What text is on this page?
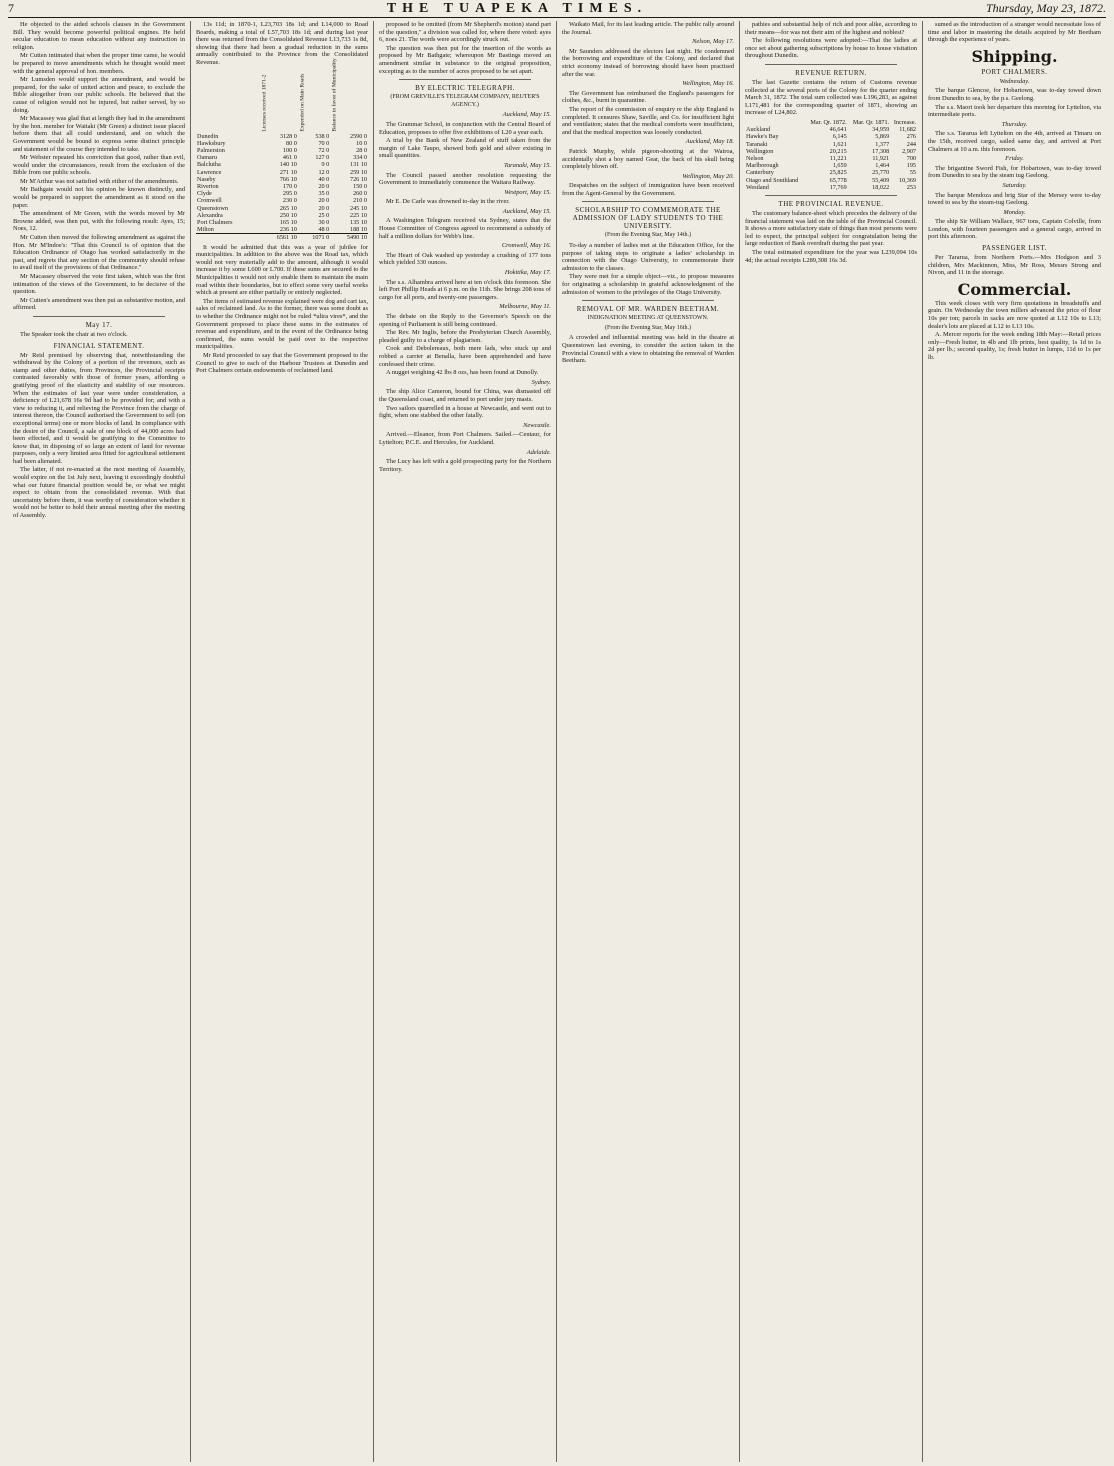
7	THE TUAPEKA TIMES.	Thursday, May 23, 1872.

He objected to the aided schools clauses in the Government Bill. They would become powerful political engines. He held secular education to mean education without any instruction in religion.

Mr Cutten intimated that when the proper time came, he would be prepared to move amendments which he thought would meet with the general approval of hon. members.

Mr Lumsden would support the amendment, and would be prepared, for the sake of united action and peace, to exclude the Bible altogether from our public schools. He believed that the cause of religion would not be injured, but rather served, by so doing.

Mr Macassey was glad that at length they had in the amendment by the hon. member for Waitaki (Mr Green) a distinct issue placed before them that all could understand, and on which the Government would be bound to express some distinct principle and statement of the course they intended to take.

Mr Webster repeated his conviction that good, rather than evil, would under the circumstances, result from the exclusion of the Bible from our public schools.

Mr M'Arthur was not satisfied with either of the amendments.

Mr Bathgate would not his opinion be known distinctly, and would be prepared to support the amendment as it stood on the paper.

The amendment of Mr Green, with the words moved by Mr Browne added, was then put, with the following result: Ayes, 15; Noes, 12.

Mr Cutten then moved the following amendment as against the Hon. Mr M'Indoe's: "That this Council is of opinion that the Education Ordinance of Otago has worked satisfactorily in the past, and regrets that any section of the community should refuse to avail itself of the provisions of that Ordinance."

Mr Macassey observed the vote first taken, which was the first intimation of the views of the Government, to be decisive of the question.

Mr Cutten's amendment was then put as substantive motion, and affirmed.

May 17.

The Speaker took the chair at two o'clock.

FINANCIAL STATEMENT.

Mr Reid premised by observing that, notwithstanding the withdrawal by the Colony of a portion of the revenues, such as stamp and other duties, from Provinces, the Provincial receipts contrasted favorably with those of former years, affording a gratifying proof of the elasticity and stability of our resources. When the estimates of last year were under consideration, a deficiency of L21,678 16s 9d had to be provided for; and with a view to reducing it, and relieving the Province from the charge of interest thereon, the Council authorised the Government to sell (on exceptional terms) one or more blocks of land. In compliance with the desire of the Council, a sale of one block of 44,000 acres had been effected, and it would be gratifying to the Committee to know that, in disposing of so large an extent of land for revenue purposes, only a very limited area fitted for agricultural settlement had been alienated.

The latter, if not re-enacted at the next meeting of Assembly, would expire on the 1st July next, leaving it exceedingly doubtful what our future financial position would be, or what we might expect to obtain from the consolidated revenue. With that uncertainty before them, it was worthy of consideration whether it would not be better to hold their annual meeting after the meeting of Assembly.

13s 11d; in 1870-1, L23,703 18s 1d; and L14,000 to Road Boards, making a total of L57,703 18s 1d; and during last year there was returned from the Consolidated Revenue L13,733 1s 8d, showing that there had been a gradual reduction in the sums annually contributed to the Province from the Consolidated Revenue.

	Licenses received 1871-2	Expended on Main Roads	Balance in favor of Municipality
Dunedin	3128 0	538 0	2590 0
Hawksbury	80 0	70 0	10 0
Palmerston	100 0	72 0	28 0
Oamaru	461 0	127 0	334 0
Balclutha	140 10	9 0	131 10
Lawrence	271 10	12 0	259 10
Naseby	766 10	40 0	726 10
Riverton	170 0	20 0	150 0
Clyde	295 0	35 0	260 0
Cromwell	230 0	20 0	210 0
Queenstown	265 10	20 0	245 10
Alexandra	250 10	25 0	225 10
Port Chalmers	165 10	30 0	135 10
Milton	236 10	48 0	188 10
	6561 10	1071 0	5490 10

It would be admitted that this was a year of jubilee for municipalities. In addition to the above was the Road tax, which would not very materially add to the amount, although it would increase it by some L600 or L700. If these sums are secured to the Municipalities it would not only enable them to maintain the main road within their boundaries, but to effect some very useful works which at present are either partially or entirely neglected.

The items of estimated revenue explained were dog and cart tax, sales of reclaimed land. As to the former, there was some doubt as to whether the Ordinance might not be ruled *ultra vires*, and the Government proposed to place these sums in the estimates of revenue and expenditure, and in the event of the Ordinance being confirmed, the sums would be paid over to the respective municipalities.

Mr Reid proceeded to say that the Government proposed to the Council to give to each of the Harbour Trustees at Dunedin and Port Chalmers certain endowments of reclaimed land.

proposed to be omitted (from Mr Shepherd's motion) stand part of the question," a division was called for, where there voted: ayes 6, noes 21. The words were accordingly struck out.

The question was then put for the insertion of the words as proposed by Mr Bathgate; whereupon Mr Bastings moved an amendment similar in substance to the original proposition, excepting as to the number of acres proposed to be set apart.

BY ELECTRIC TELEGRAPH.
(FROM GREVILLE'S TELEGRAM COMPANY, REUTER'S AGENCY.)
Auckland, May 15.

The Grammar School, in conjunction with the Central Board of Education, proposes to offer five exhibitions of L20 a year each.

A trial by the Bank of New Zealand of stuff taken from the margin of Lake Taupo, showed both gold and silver existing in small quantities.

Taranaki, May 15.

The Council passed another resolution requesting the Government to immediately commence the Waitara Railway.

Westport, May 15.

Mr E. De Carle was drowned to-day in the river.

Auckland, May 15.

A Washington Telegram received via Sydney, states that the House Committee of Congress agreed to recommend a subsidy of half a million dollars for Webb's line.

Cromwell, May 16.

The Heart of Oak washed up yesterday a crushing of 177 tons which yielded 330 ounces.

Hokitika, May 17.

The s.s. Alhambra arrived here at ten o'clock this forenoon. She left Port Phillip Heads at 6 p.m. on the 11th. She brings 208 tons of cargo for all ports, and twenty-one passengers.

Melbourne, May 11.

The debate on the Reply to the Governor's Speech on the opening of Parliament is still being continued.

The Rev. Mr Inglis, before the Presbyterian Church Assembly, pleaded guilty to a charge of plagiarism.

Cook and Debolereaux, both mere lads, who stuck up and robbed a carrier at Benalla, have been apprehended and have confessed their crime.

A nugget weighing 42 lbs 8 ozs, has been found at Dunolly.

Sydney.

The ship Alice Cameron, bound for China, was dismasted off the Queensland coast, and returned to port under jury masts.

Two sailors quarrelled in a house at Newcastle, and went out to fight, when one stabbed the other fatally.

Newcastle.

Arrived.—Eleanor, from Port Chalmers. Sailed.—Centaur, for Lyttelton; P.C.E. and Hercules, for Auckland.

Adelaide.

The Lucy has left with a gold prospecting party for the Northern Territory.

Waikato Mail, for its last leading article. The public rally around the Journal.

Nelson, May 17.

Mr Saunders addressed the electors last night. He condemned the borrowing and expenditure of the Colony, and declared that strict economy instead of borrowing should have been practised after the war.

Wellington, May 16.

The Government has reimbursed the England's passengers for clothes, &c., burnt in quarantine.

The report of the commission of enquiry re the ship England is completed. It censures Shaw, Saville, and Co. for insufficient light and ventilation; states that the medical comforts were insufficient, and that the medical inspection was loosely conducted.

Auckland, May 18.

Patrick Murphy, while pigeon-shooting at the Wairoa, accidentally shot a boy named Gear, the back of his skull being completely blown off.

Wellington, May 20.

Despatches on the subject of immigration have been received from the Agent-General by the Government.

SCHOLARSHIP TO COMMEMORATE THE ADMISSION OF LADY STUDENTS TO THE UNIVERSITY.
(From the Evening Star, May 14th.)

To-day a number of ladies met at the Education Office, for the purpose of taking steps to originate a ladies' scholarship in connection with the Otago University, to commemorate their admission to the classes.

They were met for a simple object—viz., to propose measures for originating a scholarship in grateful acknowledgment of the admission of women to the privileges of the Otago University.

REMOVAL OF MR. WARDEN BEETHAM.
INDIGNATION MEETING AT QUEENSTOWN.
(From the Evening Star, May 16th.)

A crowded and influential meeting was held in the theatre at Queenstown last evening, to consider the action taken in the Provincial Council with a view to obtaining the removal of Warden Beetham.

pathies and substantial help of rich and poor alike, according to their means—for was not their aim of the highest and noblest?

The following resolutions were adopted:—That the ladies at once set about gathering subscriptions by house to house visitation throughout Dunedin.

REVENUE RETURN.

The last Gazette contains the return of Customs revenue collected at the several ports of the Colony for the quarter ending March 31, 1872. The total sum collected was L196,283, as against L171,481 for the corresponding quarter of 1871, showing an increase of L24,802.

	Mar. Qr. 1872.	Mar. Qr. 1871.	Increase.
Auckland	46,641	34,959	11,682
Hawke's Bay	6,145	5,869	276
Taranaki	1,621	1,377	244
Wellington	20,215	17,308	2,907
Nelson	11,221	11,921	700
Marlborough	1,659	1,464	195
Canterbury	25,825	25,770	55
Otago and Southland	65,778	55,409	10,369
Westland	17,769	18,022	253
THE PROVINCIAL REVENUE.

The customary balance-sheet which precedes the delivery of the financial statement was laid on the table of the Provincial Council. It shows a more satisfactory state of things than most persons were led to expect, the principal subject for congratulation being the large reduction of Bank overdraft during the past year.

The total estimated expenditure for the year was L239,094 10s 4d; the actual receipts L289,308 16s 3d.

sumed as the introduction of a stranger would necessitate loss of time and labor in mastering the details acquired by Mr Beetham through the experience of years.

Shipping.
PORT CHALMERS.
Wednesday.

The barque Glencoe, for Hobartown, was to-day towed down from Dunedin to sea, by the p.s. Geelong.

The s.s. Maori took her departure this morning for Lyttelton, via intermediate ports.

Thursday.

The s.s. Tararua left Lyttelton on the 4th, arrived at Timaru on the 15th, received cargo, sailed same day, and arrived at Port Chalmers at 10 a.m. this forenoon.

Friday.

The brigantine Sword Fish, for Hobartown, was to-day towed from Dunedin to sea by the steam tug Geelong.

Saturday.

The barque Mendoza and brig Star of the Mersey were to-day towed to sea by the steam-tug Geelong.

Monday.

The ship Sir William Wallace, 967 tons, Captain Colville, from London, with fourteen passengers and a general cargo, arrived in port this afternoon.

PASSENGER LIST.

Per Tararua, from Northern Ports.—Mrs Hodgson and 3 children, Mrs Mackinnon, Miss, Mr Ross, Messrs Strong and Nivon, and 11 in the steerage.

Commercial.

This week closes with very firm quotations in breadstuffs and grain. On Wednesday the town millers advanced the price of flour 10s per ton; parcels in sacks are now quoted at L12 10s to L13; dealer's lots are placed at L12 to L13 10s.

A. Mercer reports for the week ending 18th May:—Retail prices only—Fresh butter, in 4lb and 1lb prints, best quality, 1s 1d to 1s 2d per lb.; second quality, 1s; fresh butter in lumps, 11d to 1s per lb.
